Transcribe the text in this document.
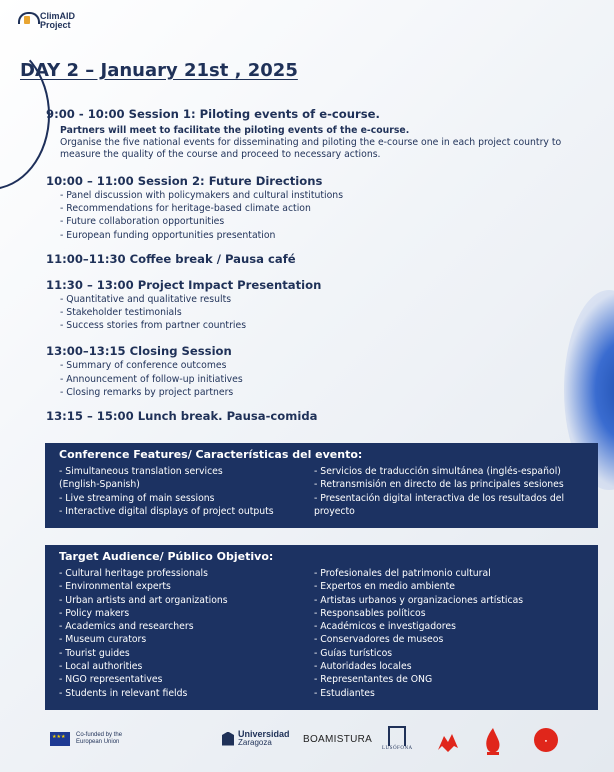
ClimAID
Project
DAY 2 – January 21st , 2025
9:00 - 10:00 Session 1: Piloting events of e-course.
Partners will meet to facilitate the piloting events of the e-course.
Organise the five national events for disseminating and piloting the e-course one in each project country to measure the quality of the course and proceed to necessary actions.
10:00 – 11:00 Session 2: Future Directions
- Panel discussion with policymakers and cultural institutions
- Recommendations for heritage-based climate action
- Future collaboration opportunities
- European funding opportunities presentation
11:00–11:30 Coffee break / Pausa café
11:30 – 13:00 Project Impact Presentation
- Quantitative and qualitative results
- Stakeholder testimonials
- Success stories from partner countries
13:00–13:15 Closing Session
- Summary of conference outcomes
- Announcement of follow-up initiatives
- Closing remarks by project partners
13:15 – 15:00 Lunch break. Pausa-comida
Conference Features/ Características del evento:
- Simultaneous translation services
(English-Spanish)
- Live streaming of main sessions
- Interactive digital displays of project outputs
- Servicios de traducción simultánea (inglés-español)
- Retransmisión en directo de las principales sesiones
- Presentación digital interactiva de los resultados del
proyecto
Target Audience/ Público Objetivo:
- Cultural heritage professionals
- Environmental experts
- Urban artists and art organizations
- Policy makers
- Academics and researchers
- Museum curators
- Tourist guides
- Local authorities
- NGO representatives
- Students in relevant fields
- Profesionales del patrimonio cultural
- Expertos en medio ambiente
- Artistas urbanos y organizaciones artísticas
- Responsables políticos
- Académicos e investigadores
- Conservadores de museos
- Guías turísticos
- Autoridades locales
- Representantes de ONG
- Estudiantes
★★★
Co-funded by the European Union
Universidad
Zaragoza	BOAMISTURA
LUSÓFONA
●
